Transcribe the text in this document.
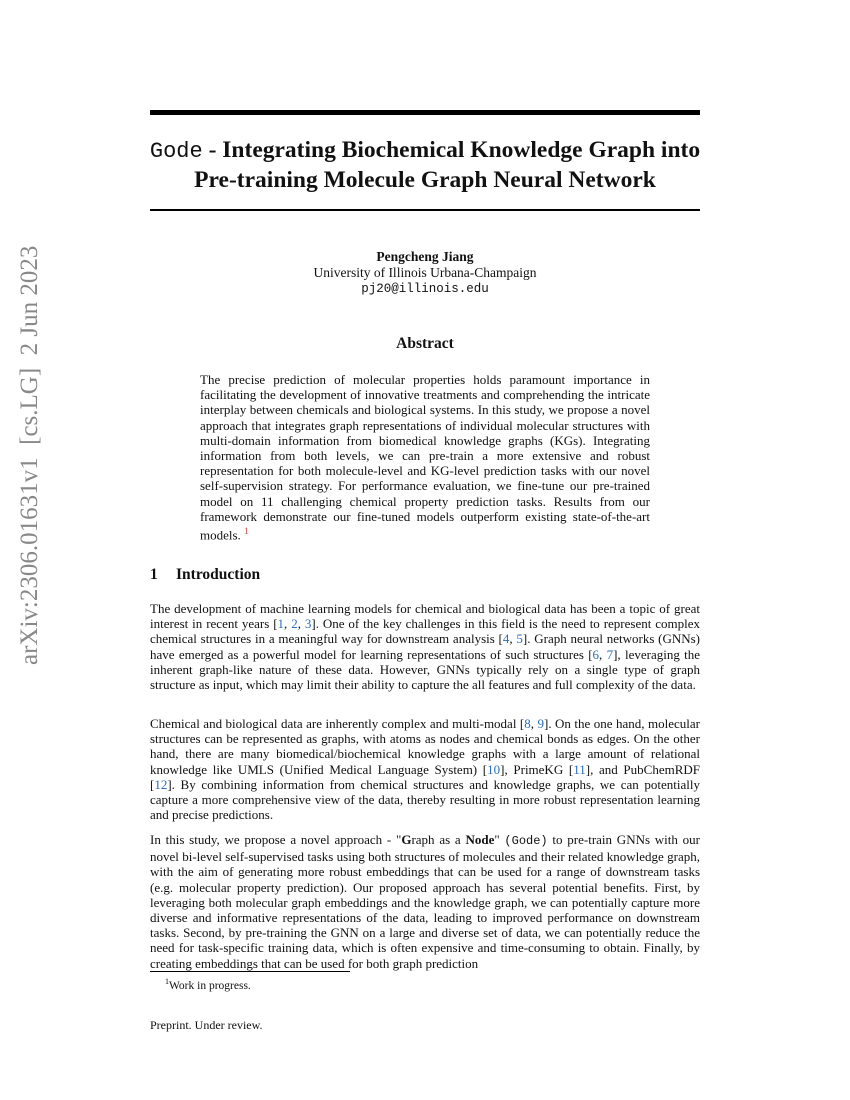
arXiv:2306.01631v1  [cs.LG]  2 Jun 2023
Gode - Integrating Biochemical Knowledge Graph into
Pre-training Molecule Graph Neural Network
Pengcheng Jiang
University of Illinois Urbana-Champaign
pj20@illinois.edu
Abstract
The precise prediction of molecular properties holds paramount importance in facilitating the development of innovative treatments and comprehending the intricate interplay between chemicals and biological systems. In this study, we propose a novel approach that integrates graph representations of individual molecular structures with multi-domain information from biomedical knowledge graphs (KGs). Integrating information from both levels, we can pre-train a more extensive and robust representation for both molecule-level and KG-level prediction tasks with our novel self-supervision strategy. For performance evaluation, we fine-tune our pre-trained model on 11 challenging chemical property prediction tasks. Results from our framework demonstrate our fine-tuned models outperform existing state-of-the-art models. $^1$
1 Introduction
The development of machine learning models for chemical and biological data has been a topic of great interest in recent years [1, 2, 3]. One of the key challenges in this field is the need to represent complex chemical structures in a meaningful way for downstream analysis [4, 5]. Graph neural networks (GNNs) have emerged as a powerful model for learning representations of such structures [6, 7], leveraging the inherent graph-like nature of these data. However, GNNs typically rely on a single type of graph structure as input, which may limit their ability to capture the all features and full complexity of the data.
Chemical and biological data are inherently complex and multi-modal [8, 9]. On the one hand, molecular structures can be represented as graphs, with atoms as nodes and chemical bonds as edges. On the other hand, there are many biomedical/biochemical knowledge graphs with a large amount of relational knowledge like UMLS (Unified Medical Language System) [10], PrimeKG [11], and PubChemRDF [12]. By combining information from chemical structures and knowledge graphs, we can potentially capture a more comprehensive view of the data, thereby resulting in more robust representation learning and precise predictions.
In this study, we propose a novel approach - "Graph as a Node" (Gode) to pre-train GNNs with our novel bi-level self-supervised tasks using both structures of molecules and their related knowledge graph, with the aim of generating more robust embeddings that can be used for a range of downstream tasks (e.g. molecular property prediction). Our proposed approach has several potential benefits. First, by leveraging both molecular graph embeddings and the knowledge graph, we can potentially capture more diverse and informative representations of the data, leading to improved performance on downstream tasks. Second, by pre-training the GNN on a large and diverse set of data, we can potentially reduce the need for task-specific training data, which is often expensive and time-consuming to obtain. Finally, by creating embeddings that can be used for both graph prediction
$^1$Work in progress.
Preprint. Under review.
